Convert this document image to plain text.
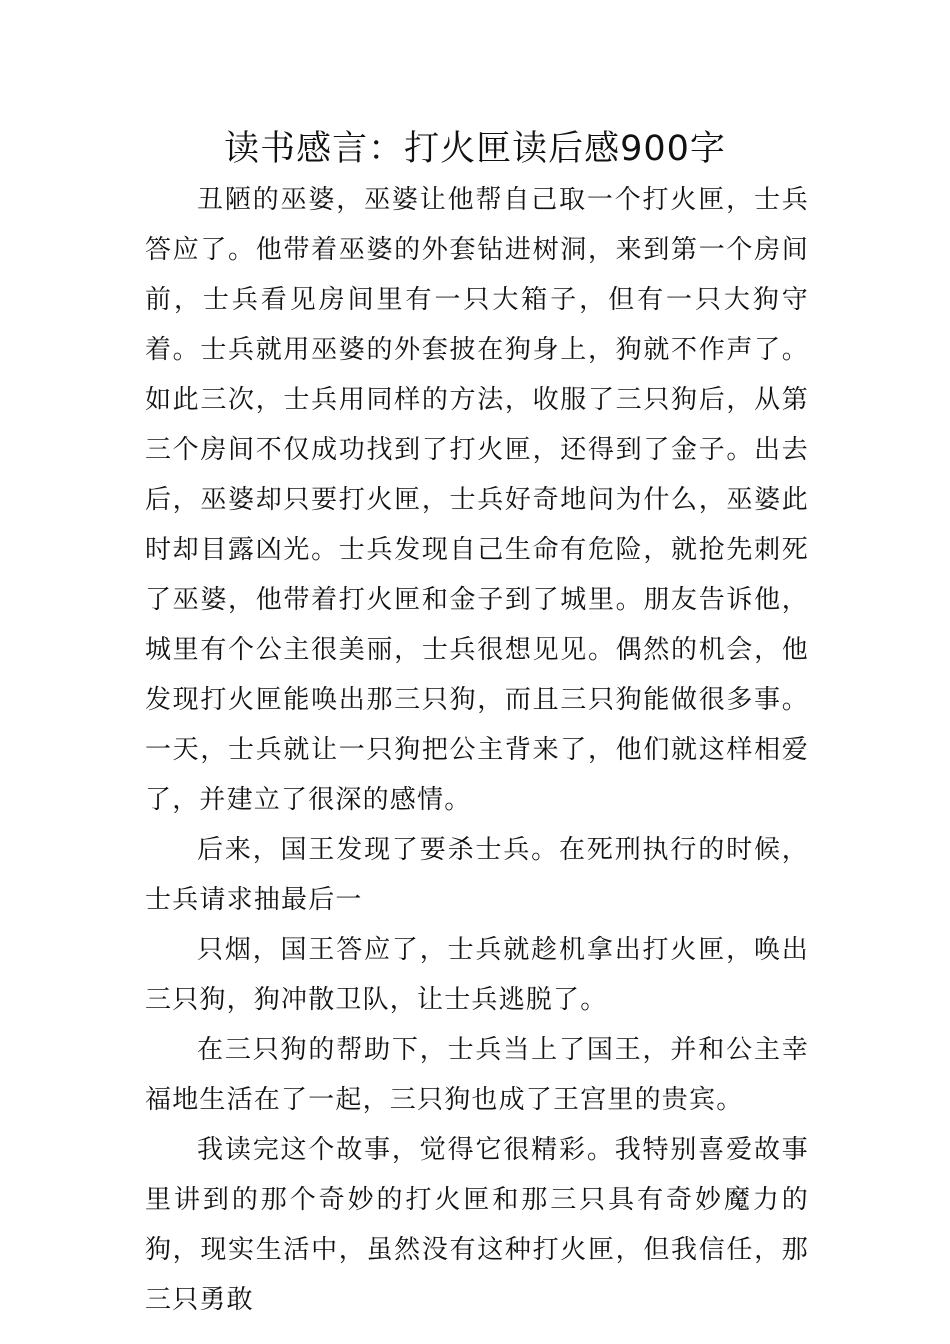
读书感言：打火匣读后感900字

丑陋的巫婆，巫婆让他帮自己取一个打火匣，士兵答应了。他带着巫婆的外套钻进树洞，来到第一个房间前，士兵看见房间里有一只大箱子，但有一只大狗守着。士兵就用巫婆的外套披在狗身上，狗就不作声了。如此三次，士兵用同样的方法，收服了三只狗后，从第三个房间不仅成功找到了打火匣，还得到了金子。出去后，巫婆却只要打火匣，士兵好奇地问为什么，巫婆此时却目露凶光。士兵发现自己生命有危险，就抢先刺死了巫婆，他带着打火匣和金子到了城里。朋友告诉他，城里有个公主很美丽，士兵很想见见。偶然的机会，他发现打火匣能唤出那三只狗，而且三只狗能做很多事。一天，士兵就让一只狗把公主背来了，他们就这样相爱了，并建立了很深的感情。

后来，国王发现了要杀士兵。在死刑执行的时候，士兵请求抽最后一

只烟，国王答应了，士兵就趁机拿出打火匣，唤出三只狗，狗冲散卫队，让士兵逃脱了。

在三只狗的帮助下，士兵当上了国王，并和公主幸福地生活在了一起，三只狗也成了王宫里的贵宾。

我读完这个故事，觉得它很精彩。我特别喜爱故事里讲到的那个奇妙的打火匣和那三只具有奇妙魔力的狗，现实生活中，虽然没有这种打火匣，但我信任，那三只勇敢
